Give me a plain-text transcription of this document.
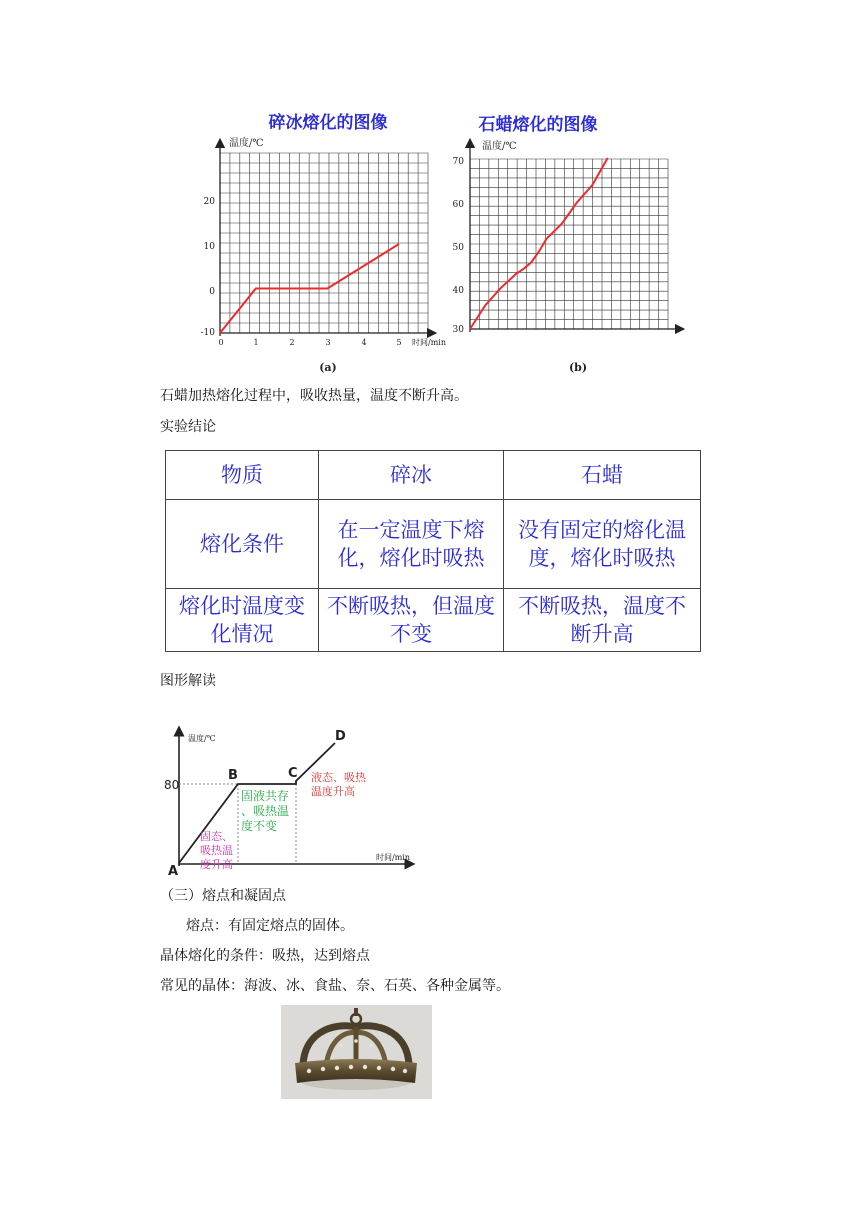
碎冰熔化的图像
温度/℃
-10
0
10
20
0	1	2	3	4	5 时间/min
(a)
石蜡熔化的图像
温度/℃
30
40
50
60
70
(b)
石蜡加热熔化过程中，吸收热量，温度不断升高。
实验结论
物质	碎冰	石蜡
熔化条件	在一定温度下熔化，熔化时吸热	没有固定的熔化温度，熔化时吸热
熔化时温度变化情况	不断吸热，但温度不变	不断吸热，温度不断升高
图形解读
温度/℃
时间/min
80
A
B	C
D
固态、
吸热温
度升高
固液共存
、吸热温
度不变
液态、吸热
温度升高
（三）熔点和凝固点
熔点：有固定熔点的固体。
晶体熔化的条件：吸热，达到熔点
常见的晶体：海波、冰、食盐、奈、石英、各种金属等。
